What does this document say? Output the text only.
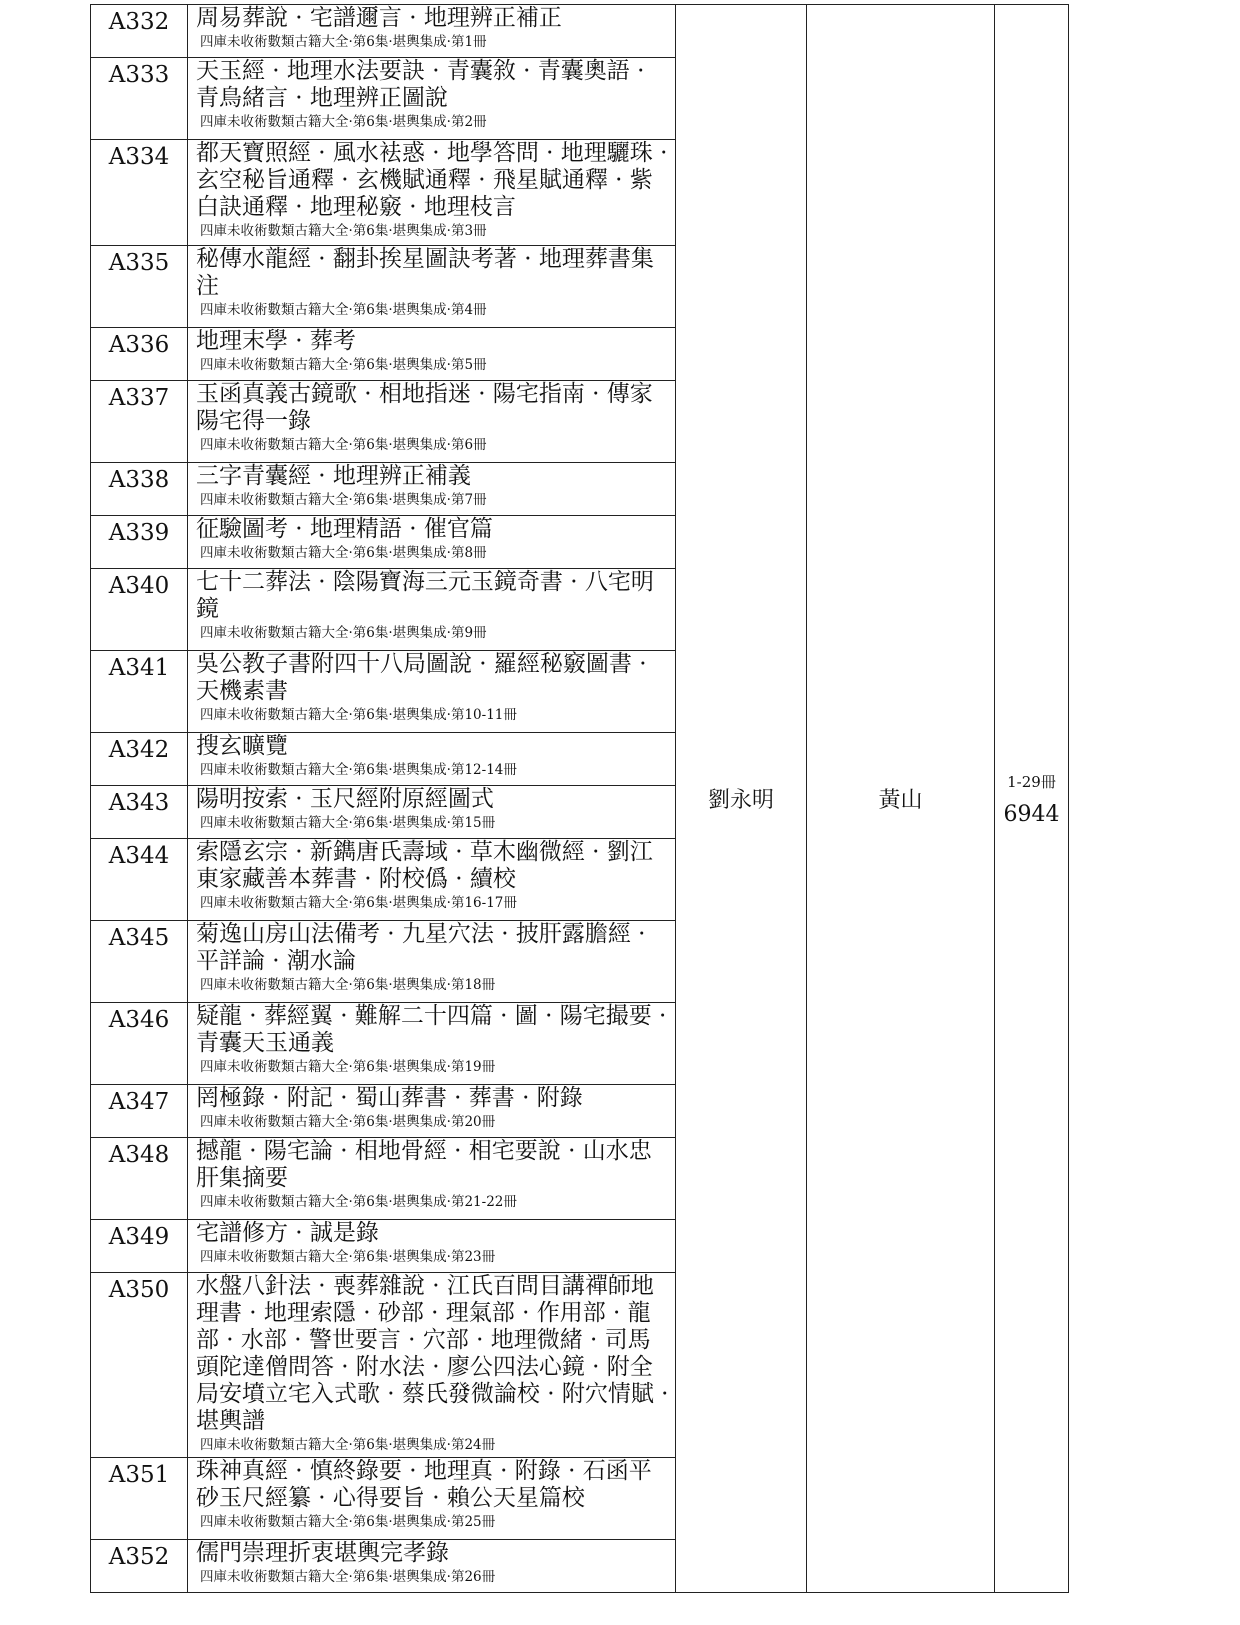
A332	周易葬說 · 宅譜邇言 · 地理辨正補正
四庫未收術數類古籍大全·第6集·堪輿集成·第1冊	劉永明	黃山	1-29冊
6944

A333	天玉經 · 地理水法要訣 · 青囊敘 · 青囊奧語 · 青鳥緒言 · 地理辨正圖說
四庫未收術數類古籍大全·第6集·堪輿集成·第2冊			

A334	都天寶照經 · 風水袪惑 · 地學答問 · 地理驪珠 · 玄空秘旨通釋 · 玄機賦通釋 · 飛星賦通釋 · 紫白訣通釋 · 地理秘竅 · 地理枝言
四庫未收術數類古籍大全·第6集·堪輿集成·第3冊			

A335	秘傳水龍經 · 翻卦挨星圖訣考著 · 地理葬書集注
四庫未收術數類古籍大全·第6集·堪輿集成·第4冊			

A336	地理末學 · 葬考
四庫未收術數類古籍大全·第6集·堪輿集成·第5冊			

A337	玉函真義古鏡歌 · 相地指迷 · 陽宅指南 · 傳家陽宅得一錄
四庫未收術數類古籍大全·第6集·堪輿集成·第6冊			

A338	三字青囊經 · 地理辨正補義
四庫未收術數類古籍大全·第6集·堪輿集成·第7冊			

A339	征驗圖考 · 地理精語 · 催官篇
四庫未收術數類古籍大全·第6集·堪輿集成·第8冊			

A340	七十二葬法 · 陰陽寶海三元玉鏡奇書 · 八宅明鏡
四庫未收術數類古籍大全·第6集·堪輿集成·第9冊			

A341	吳公教子書附四十八局圖說 · 羅經秘竅圖書 · 天機素書
四庫未收術數類古籍大全·第6集·堪輿集成·第10-11冊			

A342	搜玄曠覽
四庫未收術數類古籍大全·第6集·堪輿集成·第12-14冊			

A343	陽明按索 · 玉尺經附原經圖式
四庫未收術數類古籍大全·第6集·堪輿集成·第15冊			

A344	索隱玄宗 · 新鐫唐氏壽域 · 草木幽微經 · 劉江東家藏善本葬書 · 附校僞 · 續校
四庫未收術數類古籍大全·第6集·堪輿集成·第16-17冊			

A345	菊逸山房山法備考 · 九星穴法 · 披肝露膽經 · 平詳論 · 潮水論
四庫未收術數類古籍大全·第6集·堪輿集成·第18冊			

A346	疑龍 · 葬經翼 · 難解二十四篇 · 圖 · 陽宅撮要 · 青囊天玉通義
四庫未收術數類古籍大全·第6集·堪輿集成·第19冊			

A347	罔極錄 · 附記 · 蜀山葬書 · 葬書 · 附錄
四庫未收術數類古籍大全·第6集·堪輿集成·第20冊			

A348	撼龍 · 陽宅論 · 相地骨經 · 相宅要說 · 山水忠肝集摘要
四庫未收術數類古籍大全·第6集·堪輿集成·第21-22冊			

A349	宅譜修方 · 誠是錄
四庫未收術數類古籍大全·第6集·堪輿集成·第23冊			

A350	水盤八針法 · 喪葬雜說 · 江氏百問目講禪師地理書 · 地理索隱 · 砂部 · 理氣部 · 作用部 · 龍部 · 水部 · 警世要言 · 穴部 · 地理微緒 · 司馬頭陀達僧問答 · 附水法 · 廖公四法心鏡 · 附全局安墳立宅入式歌 · 蔡氏發微論校 · 附穴情賦 · 堪輿譜
四庫未收術數類古籍大全·第6集·堪輿集成·第24冊			

A351	珠神真經 · 慎終錄要 · 地理真 · 附錄 · 石函平砂玉尺經纂 · 心得要旨 · 賴公天星篇校
四庫未收術數類古籍大全·第6集·堪輿集成·第25冊			

A352	儒門崇理折衷堪輿完孝錄
四庫未收術數類古籍大全·第6集·堪輿集成·第26冊			
